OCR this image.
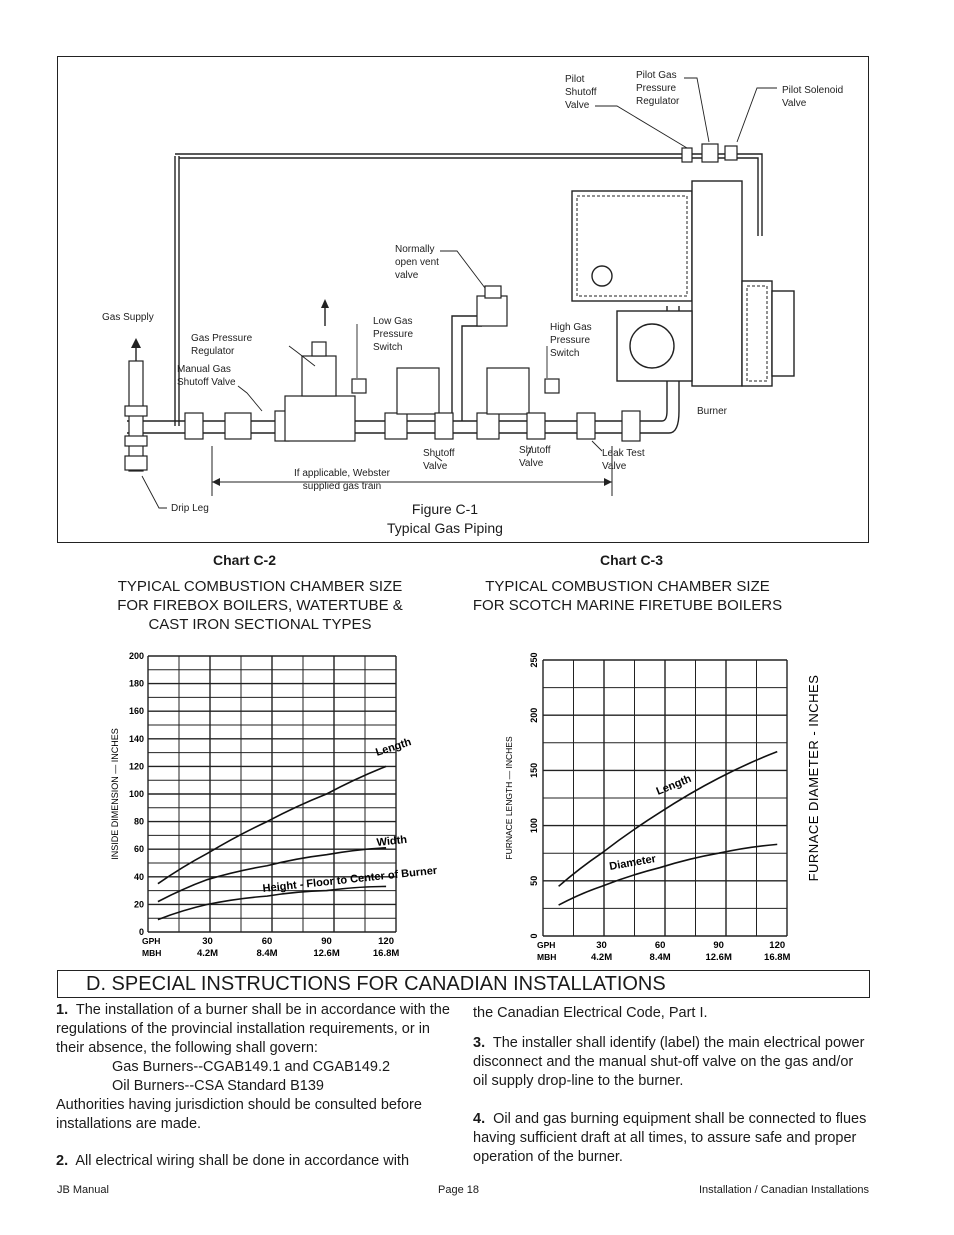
Pilot
Shutoff
Valve
Pilot Gas
Pressure
Regulator
Pilot Solenoid
Valve
Normally
open vent
valve
Gas Supply
Gas Pressure
Regulator
Manual Gas
Shutoff Valve
Low Gas
Pressure
Switch
High Gas
Pressure
Switch
Burner
Shutoff
Valve
Shutoff
Valve
Leak Test
Valve
If applicable, Webster
supplied gas train
Drip Leg	Figure C-1
Typical Gas Piping
Chart C-2	Chart C-3
TYPICAL COMBUSTION CHAMBER SIZE
FOR FIREBOX BOILERS, WATERTUBE &
CAST IRON SECTIONAL TYPES
TYPICAL COMBUSTION CHAMBER SIZE
FOR SCOTCH MARINE FIRETUBE BOILERS
0
20
40
60
80
100
120
140
160
180
200
GPH
MBH
30
4.2M
60
8.4M
90
12.6M
120
16.8M
INSIDE DIMENSION — INCHES	Length
Width
Height - Floor to Center of Burner
0
50
100
150
200
250
GPH
MBH
30
4.2M
60
8.4M
90
12.6M
120
16.8M
FURNACE LENGTH — INCHES	FURNACE DIAMETER - INCHES
Length
Diameter
D. SPECIAL INSTRUCTIONS FOR CANADIAN INSTALLATIONS
1. The installation of a burner shall be in accordance with the regulations of the provincial installation requirements, or in their absence, the following shall govern:
Gas Burners--CGAB149.1 and CGAB149.2
Oil Burners--CSA Standard B139
Authorities having jurisdiction should be consulted before installations are made.
2. All electrical wiring shall be done in accordance with
the Canadian Electrical Code, Part I.
3. The installer shall identify (label) the main electrical power disconnect and the manual shut-off valve on the gas and/or oil supply drop-line to the burner.
4. Oil and gas burning equipment shall be connected to flues having sufficient draft at all times, to assure safe and proper operation of the burner.
JB Manual	Page 18	Installation / Canadian Installations
